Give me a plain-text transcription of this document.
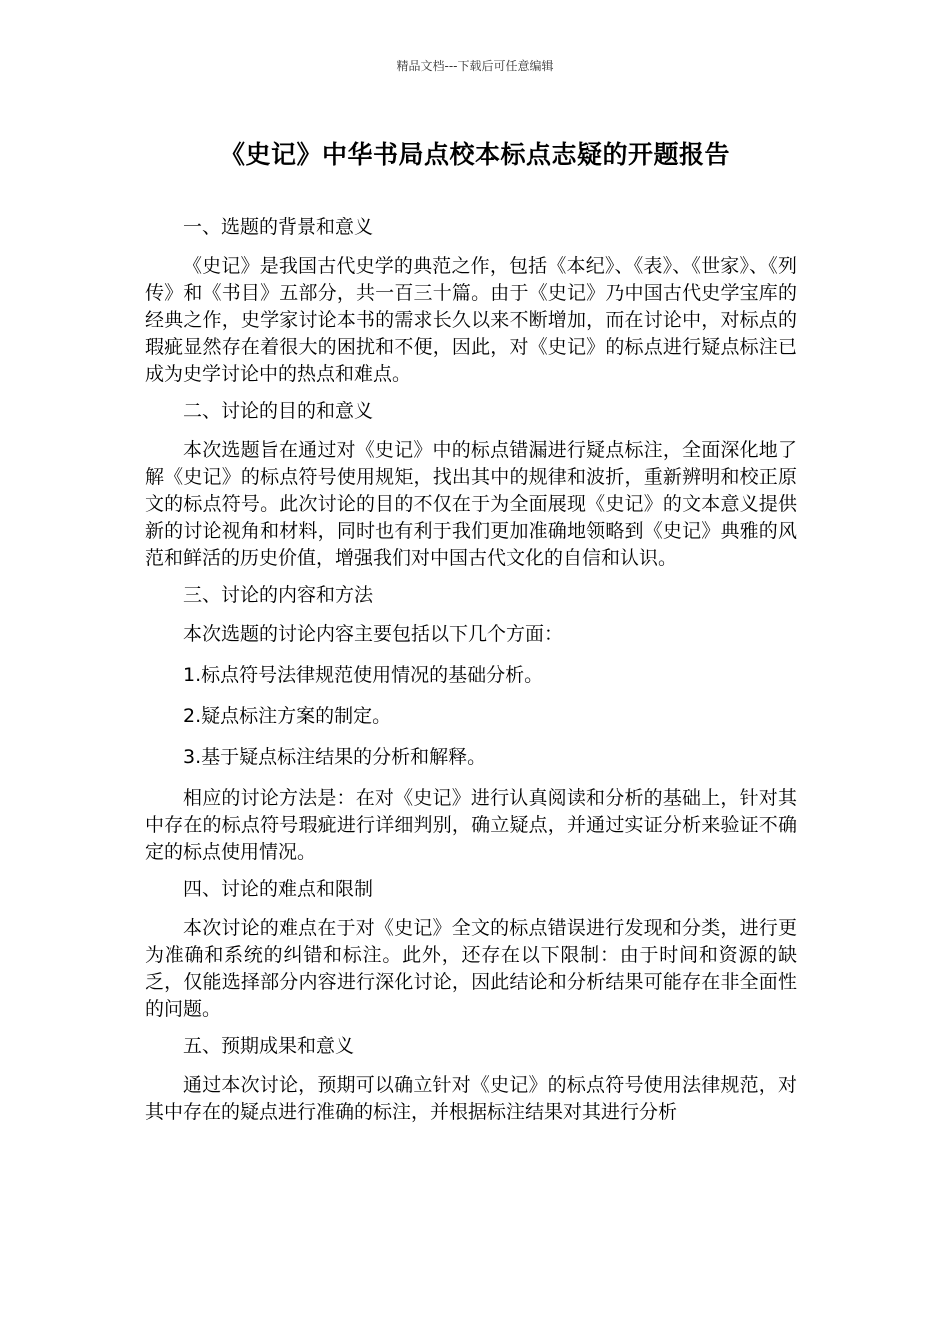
精品文档---下载后可任意编辑
《史记》中华书局点校本标点志疑的开题报告

一、选题的背景和意义

《史记》是我国古代史学的典范之作，包括《本纪》、《表》、《世家》、《列传》和《书目》五部分，共一百三十篇。由于《史记》乃中国古代史学宝库的经典之作，史学家讨论本书的需求长久以来不断增加，而在讨论中，对标点的瑕疵显然存在着很大的困扰和不便，因此，对《史记》的标点进行疑点标注已成为史学讨论中的热点和难点。

二、讨论的目的和意义

本次选题旨在通过对《史记》中的标点错漏进行疑点标注，全面深化地了解《史记》的标点符号使用规矩，找出其中的规律和波折，重新辨明和校正原文的标点符号。此次讨论的目的不仅在于为全面展现《史记》的文本意义提供新的讨论视角和材料，同时也有利于我们更加准确地领略到《史记》典雅的风范和鲜活的历史价值，增强我们对中国古代文化的自信和认识。

三、讨论的内容和方法

本次选题的讨论内容主要包括以下几个方面：

1.标点符号法律规范使用情况的基础分析。

2.疑点标注方案的制定。

3.基于疑点标注结果的分析和解释。

相应的讨论方法是：在对《史记》进行认真阅读和分析的基础上，针对其中存在的标点符号瑕疵进行详细判别，确立疑点，并通过实证分析来验证不确定的标点使用情况。

四、讨论的难点和限制

本次讨论的难点在于对《史记》全文的标点错误进行发现和分类，进行更为准确和系统的纠错和标注。此外，还存在以下限制：由于时间和资源的缺乏，仅能选择部分内容进行深化讨论，因此结论和分析结果可能存在非全面性的问题。

五、预期成果和意义

通过本次讨论，预期可以确立针对《史记》的标点符号使用法律规范，对其中存在的疑点进行准确的标注，并根据标注结果对其进行分析
